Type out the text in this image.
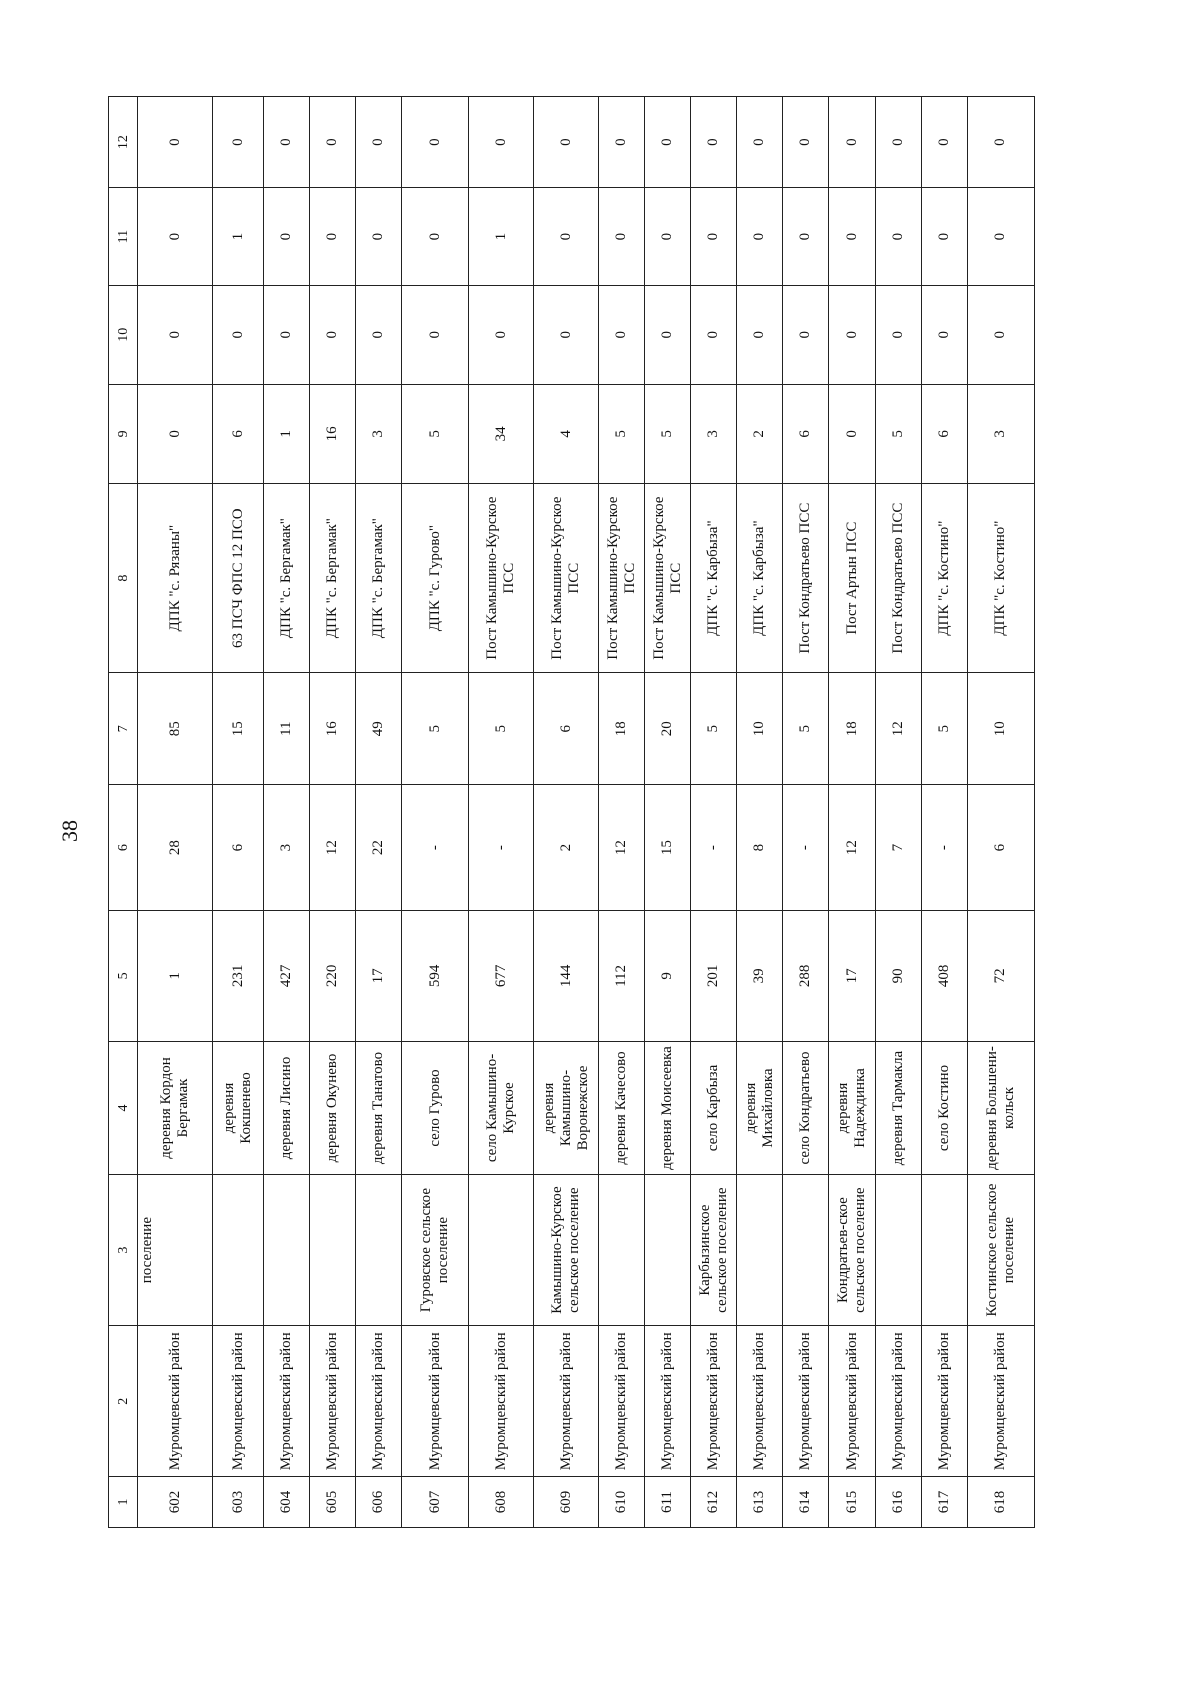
38
1	2	3	4	5	6	7	8	9	10	11	12
602	Муромцевский район	поселение	деревня Кордон Бергамак	1	28	85	ДПК "с. Рязаны"	0	0	0	0
603	Муромцевский район		деревня Кокшенево	231	6	15	63 ПСЧ ФПС 12 ПСО	6	0	1	0
604	Муромцевский район		деревня Лисино	427	3	11	ДПК "с. Бергамак"	1	0	0	0
605	Муромцевский район		деревня Окунево	220	12	16	ДПК "с. Бергамак"	16	0	0	0
606	Муромцевский район		деревня Танатово	17	22	49	ДПК "с. Бергамак"	3	0	0	0
607	Муромцевский район	Гуровское сельское поселение	село Гурово	594	-	5	ДПК "с. Гурово"	5	0	0	0
608	Муромцевский район		село Камышино-Курское	677	-	5	Пост Камышино-Курское ПСС	34	0	1	0
609	Муромцевский район	Камышино-Курское сельское поселение	деревня Камышино-Воронежское	144	2	6	Пост Камышино-Курское ПСС	4	0	0	0
610	Муромцевский район		деревня Качесово	112	12	18	Пост Камышино-Курское ПСС	5	0	0	0
611	Муромцевский район		деревня Моисеевка	9	15	20	Пост Камышино-Курское ПСС	5	0	0	0
612	Муромцевский район	Карбызинское сельское поселение	село Карбыза	201	-	5	ДПК "с. Карбыза"	3	0	0	0
613	Муромцевский район		деревня Михайловка	39	8	10	ДПК "с. Карбыза"	2	0	0	0
614	Муромцевский район		село Кондратьево	288	-	5	Пост Кондратьево ПСС	6	0	0	0
615	Муромцевский район	Кондратьев-ское сельское поселение	деревня Надеждинка	17	12	18	Пост Артын ПСС	0	0	0	0
616	Муромцевский район		деревня Тармакла	90	7	12	Пост Кондратьево ПСС	5	0	0	0
617	Муромцевский район		село Костино	408	-	5	ДПК "с. Костино"	6	0	0	0
618	Муромцевский район	Костинское сельское поселение	деревня Большени-кольск	72	6	10	ДПК "с. Костино"	3	0	0	0
